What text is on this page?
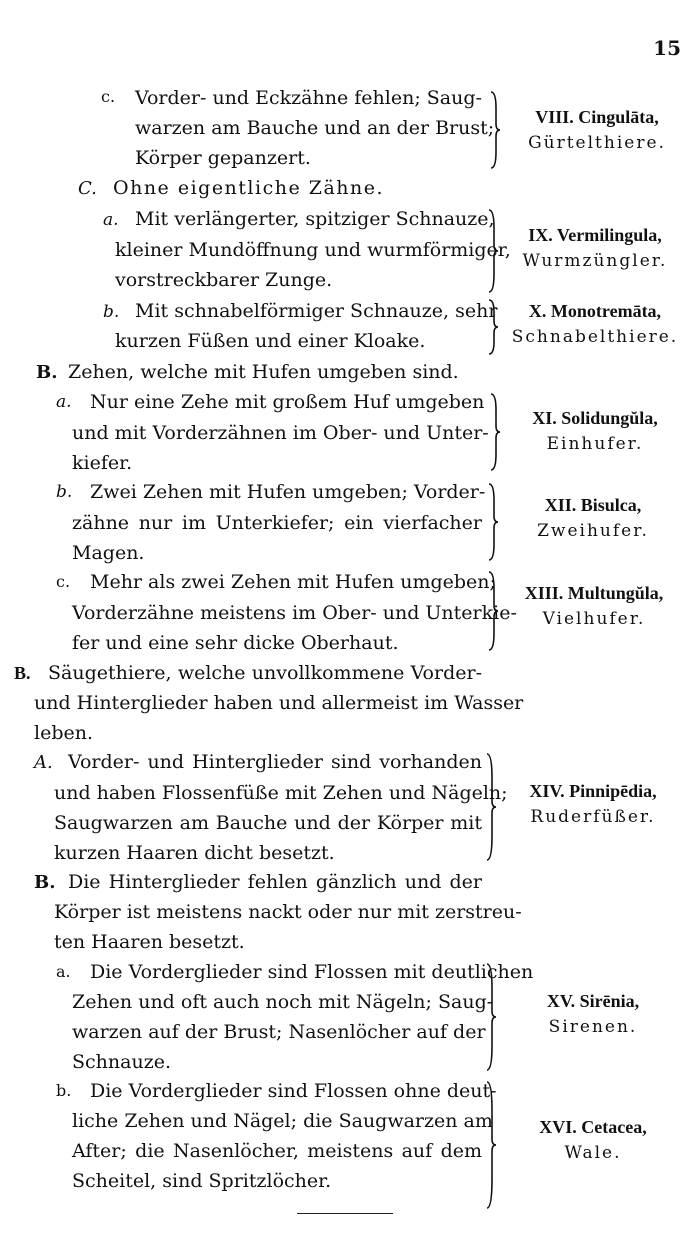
15
c. Vorder- und Eckzähne fehlen; Saug-
warzen am Bauche und an der Brust;
Körper gepanzert.
VIII. Cingulāta,
Gürtelthiere.
C. Ohne eigentliche Zähne.
a. Mit verlängerter, spitziger Schnauze,
kleiner Mundöffnung und wurmförmiger,
vorstreckbarer Zunge.
IX. Vermilingula,
Wurmzüngler.
b. Mit schnabelförmiger Schnauze, sehr
kurzen Füßen und einer Kloake.
X. Monotremāta,
Schnabelthiere.
B. Zehen, welche mit Hufen umgeben sind.
a. Nur eine Zehe mit großem Huf umgeben
und mit Vorderzähnen im Ober- und Unter-
kiefer.
XI. Solidungŭla,
Einhufer.
b. Zwei Zehen mit Hufen umgeben; Vorder-
zähne nur im Unterkiefer; ein vierfacher
Magen.
XII. Bisulca,
Zweihufer.
c. Mehr als zwei Zehen mit Hufen umgeben;
Vorderzähne meistens im Ober- und Unterkie-
fer und eine sehr dicke Oberhaut.
XIII. Multungŭla,
Vielhufer.
B. Säugethiere, welche unvollkommene Vorder-
und Hinterglieder haben und allermeist im Wasser
leben.
A. Vorder- und Hinterglieder sind vorhanden
und haben Flossenfüße mit Zehen und Nägeln;
Saugwarzen am Bauche und der Körper mit
kurzen Haaren dicht besetzt.
XIV. Pinnipēdia,
Ruderfüßer.
B. Die Hinterglieder fehlen gänzlich und der
Körper ist meistens nackt oder nur mit zerstreu-
ten Haaren besetzt.
a. Die Vorderglieder sind Flossen mit deutlichen
Zehen und oft auch noch mit Nägeln; Saug-
warzen auf der Brust; Nasenlöcher auf der
Schnauze.
XV. Sirēnia,
Sirenen.
b. Die Vorderglieder sind Flossen ohne deut-
liche Zehen und Nägel; die Saugwarzen am
After; die Nasenlöcher, meistens auf dem
Scheitel, sind Spritzlöcher.
XVI. Cetacea,
Wale.
